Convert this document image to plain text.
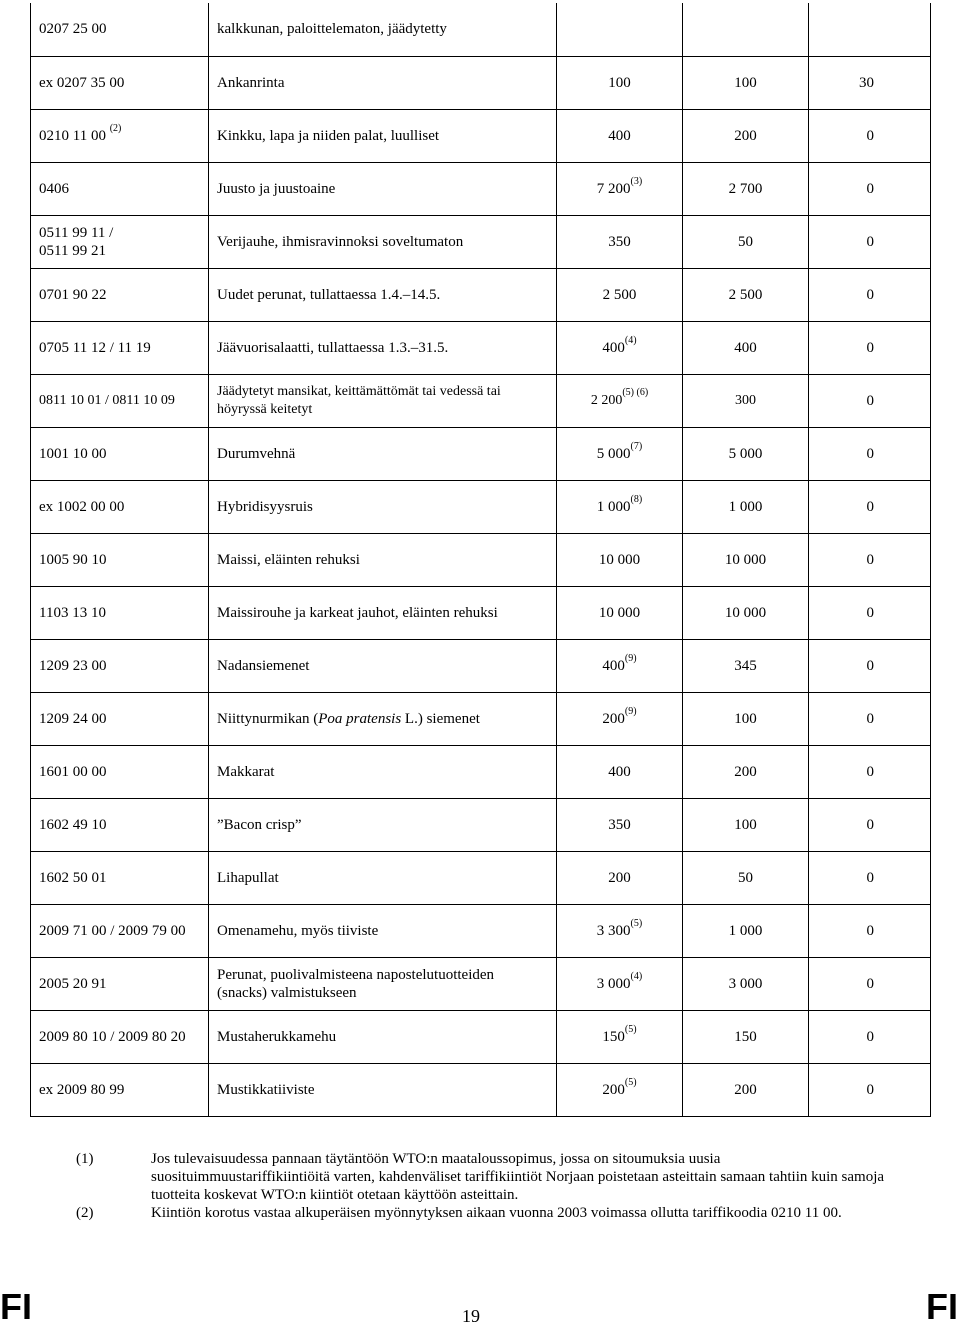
0207 25 00	kalkkunan, paloittelematon, jäädytetty			
ex 0207 35 00	Ankanrinta	100	100	30
0210 11 00 $^{(2)}$	Kinkku, lapa ja niiden palat, luulliset	400	200	0
0406	Juusto ja juustoaine	7 200$^{(3)}$	2 700	0
0511 99 11 /
0511 99 21	Verijauhe, ihmisravinnoksi soveltumaton	350	50	0
0701 90 22	Uudet perunat, tullattaessa 1.4.–14.5.	2 500	2 500	0
0705 11 12 / 11 19	Jäävuorisalaatti, tullattaessa 1.3.–31.5.	400$^{(4)}$	400	0
0811 10 01 / 0811 10 09	Jäädytetyt mansikat, keittämättömät tai vedessä tai
höyryssä keitetyt	2 $200^{(5) (6)}$	300	0
1001 10 00	Durumvehnä	5 000$^{(7)}$	5 000	0
ex 1002 00 00	Hybridisyysruis	1 000$^{(8)}$	1 000	0
1005 90 10	Maissi, eläinten rehuksi	10 000	10 000	0
1103 13 10	Maissirouhe ja karkeat jauhot, eläinten rehuksi	10 000	10 000	0
1209 23 00	Nadansiemenet	400$^{(9)}$	345	0
1209 24 00	Niittynurmikan (Poa pratensis L.) siemenet	200$^{(9)}$	100	0
1601 00 00	Makkarat	400	200	0
1602 49 10	”Bacon crisp”	350	100	0
1602 50 01	Lihapullat	200	50	0
2009 71 00 / 2009 79 00	Omenamehu, myös tiiviste	3 300$^{(5)}$	1 000	0
2005 20 91	Perunat, puolivalmisteena napostelutuotteiden
(snacks) valmistukseen	3 000$^{(4)}$	3 000	0
2009 80 10 / 2009 80 20	Mustaherukkamehu	150$^{(5)}$	150	0
ex 2009 80 99	Mustikkatiiviste	200$^{(5)}$	200	0
(1)	Jos tulevaisuudessa pannaan täytäntöön WTO:n maataloussopimus, jossa on sitoumuksia uusia suosituimmuustariffikiintiöitä varten, kahdenväliset tariffikiintiöt Norjaan poistetaan asteittain samaan tahtiin kuin samoja tuotteita koskevat WTO:n kiintiöt otetaan käyttöön asteittain.
(2)	Kiintiön korotus vastaa alkuperäisen myönnytyksen aikaan vuonna 2003 voimassa ollutta tariffikoodia 0210 11 00.
FI	19	FI
